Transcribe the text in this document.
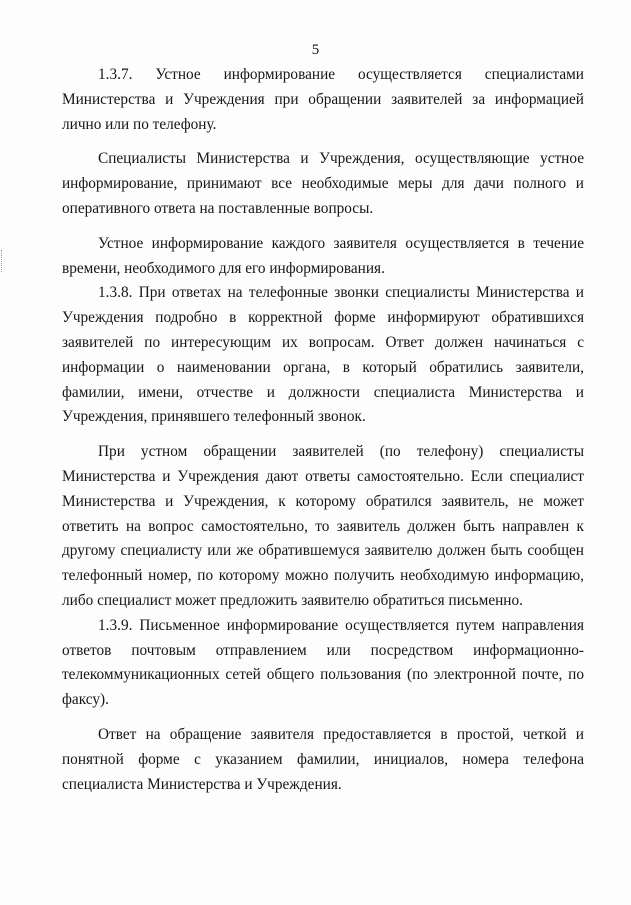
5

1.3.7. Устное информирование осуществляется специалистами Министерства и Учреждения при обращении заявителей за информацией лично или по телефону.

Специалисты Министерства и Учреждения, осуществляющие устное информирование, принимают все необходимые меры для дачи полного и оперативного ответа на поставленные вопросы.

Устное информирование каждого заявителя осуществляется в течение времени, необходимого для его информирования.

1.3.8. При ответах на телефонные звонки специалисты Министерства и Учреждения подробно в корректной форме информируют обратившихся заявителей по интересующим их вопросам. Ответ должен начинаться с информации о наименовании органа, в который обратились заявители, фамилии, имени, отчестве и должности специалиста Министерства и Учреждения, принявшего телефонный звонок.

При устном обращении заявителей (по телефону) специалисты Министерства и Учреждения дают ответы самостоятельно. Если специалист Министерства и Учреждения, к которому обратился заявитель, не может ответить на вопрос самостоятельно, то заявитель должен быть направлен к другому специалисту или же обратившемуся заявителю должен быть сообщен телефонный номер, по которому можно получить необходимую информацию, либо специалист может предложить заявителю обратиться письменно.

1.3.9. Письменное информирование осуществляется путем направления ответов почтовым отправлением или посредством информационно-телекоммуникационных сетей общего пользования (по электронной почте, по факсу).

Ответ на обращение заявителя предоставляется в простой, четкой и понятной форме с указанием фамилии, инициалов, номера телефона специалиста Министерства и Учреждения.
